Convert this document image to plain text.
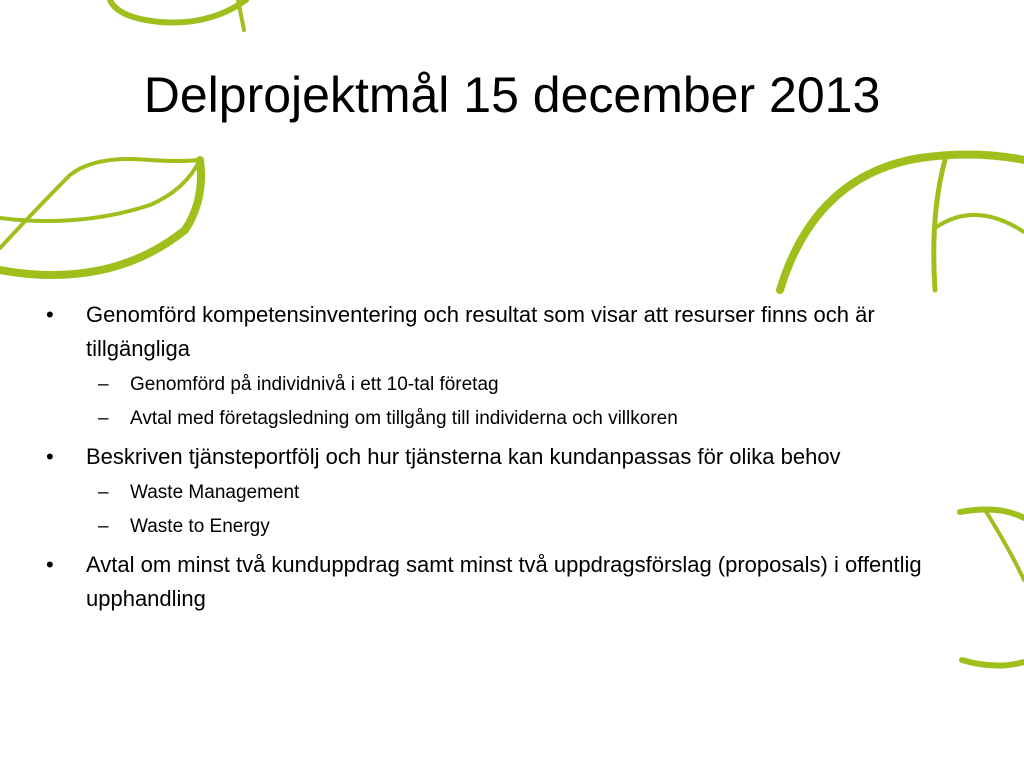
Delprojektmål 15 december 2013
• Genomförd kompetensinventering och resultat som visar att resurser finns och är tillgängliga
– Genomförd på individnivå i ett 10-tal företag
– Avtal med företagsledning om tillgång till individerna och villkoren
• Beskriven tjänsteportfölj och hur tjänsterna kan kundanpassas för olika behov
– Waste Management
– Waste to Energy
• Avtal om minst två kunduppdrag samt minst två uppdragsförslag (proposals) i offentlig upphandling
